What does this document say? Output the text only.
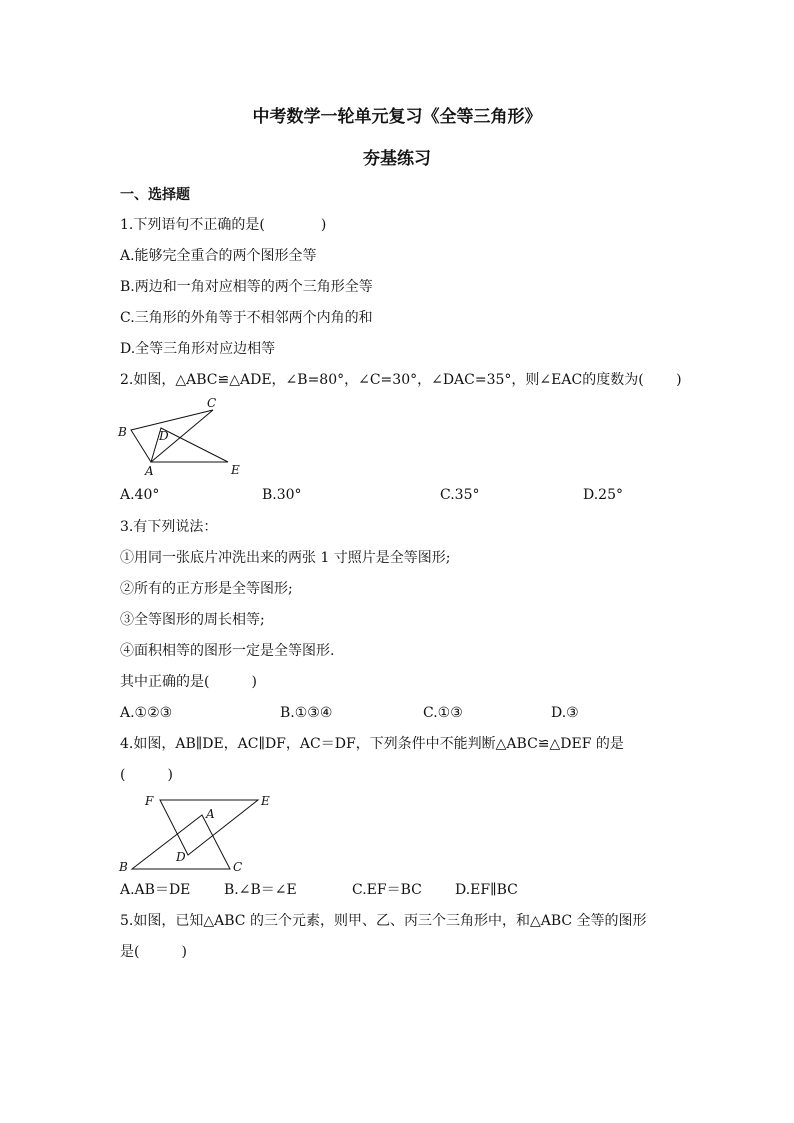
中考数学一轮单元复习《全等三角形》
夯基练习
一、选择题
1.下列语句不正确的是(　　　　)
A.能够完全重合的两个图形全等
B.两边和一角对应相等的两个三角形全等
C.三角形的外角等于不相邻两个内角的和
D.全等三角形对应边相等
2.如图，△ABC≌△ADE，∠B=80°，∠C=30°，∠DAC=35°，则∠EAC的度数为(　　 )
B
C
D
A	E
A.40°	B.30°	C.35°	D.25°
3.有下列说法：
①用同一张底片冲洗出来的两张 1 寸照片是全等图形;
②所有的正方形是全等图形;
③全等图形的周长相等;
④面积相等的图形一定是全等图形.
其中正确的是(　　　)
A.①②③	B.①③④	C.①③	D.③
4.如图，AB∥DE，AC∥DF，AC＝DF，下列条件中不能判断△ABC≌△DEF 的是
(　　　)
F	E
A
D
B	C
A.AB＝DE B.∠B＝∠E	C.EF＝BC D.EF∥BC
5.如图，已知△ABC 的三个元素，则甲、乙、丙三个三角形中，和△ABC 全等的图形
是(　　　)
